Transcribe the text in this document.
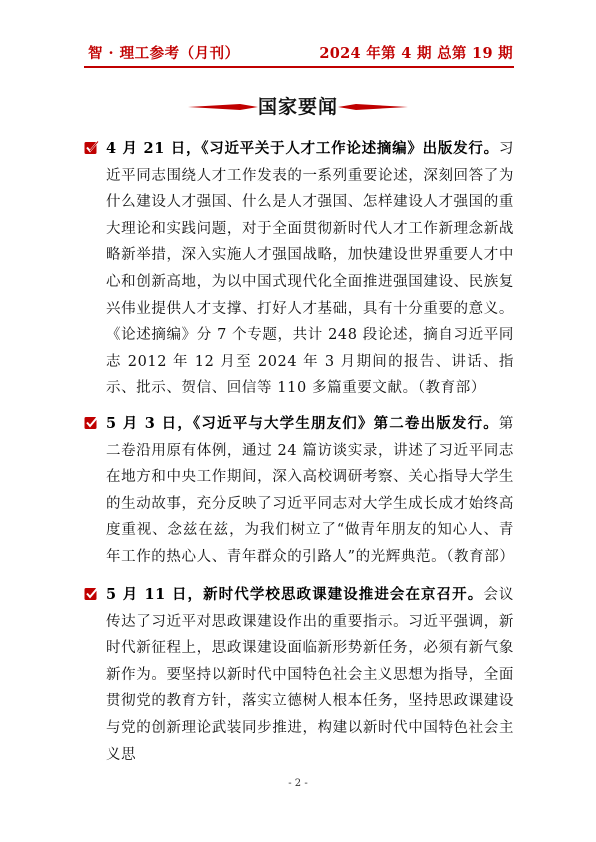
智 · 理工参考（月刊）	2024 年第 4 期 总第 19 期
国家要闻
4 月 21 日，《习近平关于人才工作论述摘编》出版发行。习近平同志围绕人才工作发表的一系列重要论述，深刻回答了为什么建设人才强国、什么是人才强国、怎样建设人才强国的重大理论和实践问题，对于全面贯彻新时代人才工作新理念新战略新举措，深入实施人才强国战略，加快建设世界重要人才中心和创新高地，为以中国式现代化全面推进强国建设、民族复兴伟业提供人才支撑、打好人才基础，具有十分重要的意义。《论述摘编》分 7 个专题，共计 248 段论述，摘自习近平同志 2012 年 12 月至 2024 年 3 月期间的报告、讲话、指示、批示、贺信、回信等 110 多篇重要文献。（教育部）
5 月 3 日，《习近平与大学生朋友们》第二卷出版发行。第二卷沿用原有体例，通过 24 篇访谈实录，讲述了习近平同志在地方和中央工作期间，深入高校调研考察、关心指导大学生的生动故事，充分反映了习近平同志对大学生成长成才始终高度重视、念兹在兹，为我们树立了“做青年朋友的知心人、青年工作的热心人、青年群众的引路人”的光辉典范。（教育部）
5 月 11 日，新时代学校思政课建设推进会在京召开。会议传达了习近平对思政课建设作出的重要指示。习近平强调，新时代新征程上，思政课建设面临新形势新任务，必须有新气象新作为。要坚持以新时代中国特色社会主义思想为指导，全面贯彻党的教育方针，落实立德树人根本任务，坚持思政课建设与党的创新理论武装同步推进，构建以新时代中国特色社会主义思
- 2 -
